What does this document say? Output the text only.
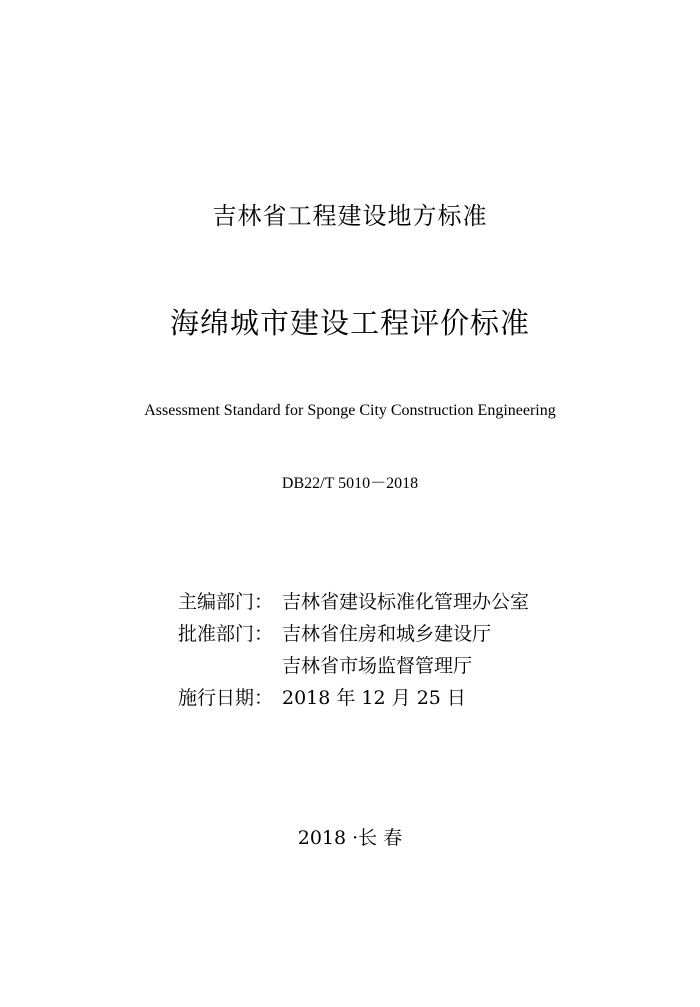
吉林省工程建设地方标准
海绵城市建设工程评价标准
Assessment Standard for Sponge City Construction Engineering
DB22/T 5010－2018
主编部门： 吉林省建设标准化管理办公室
批准部门： 吉林省住房和城乡建设厅
吉林省市场监督管理厅
施行日期： 2018 年 12 月 25 日
2018 ·长 春
